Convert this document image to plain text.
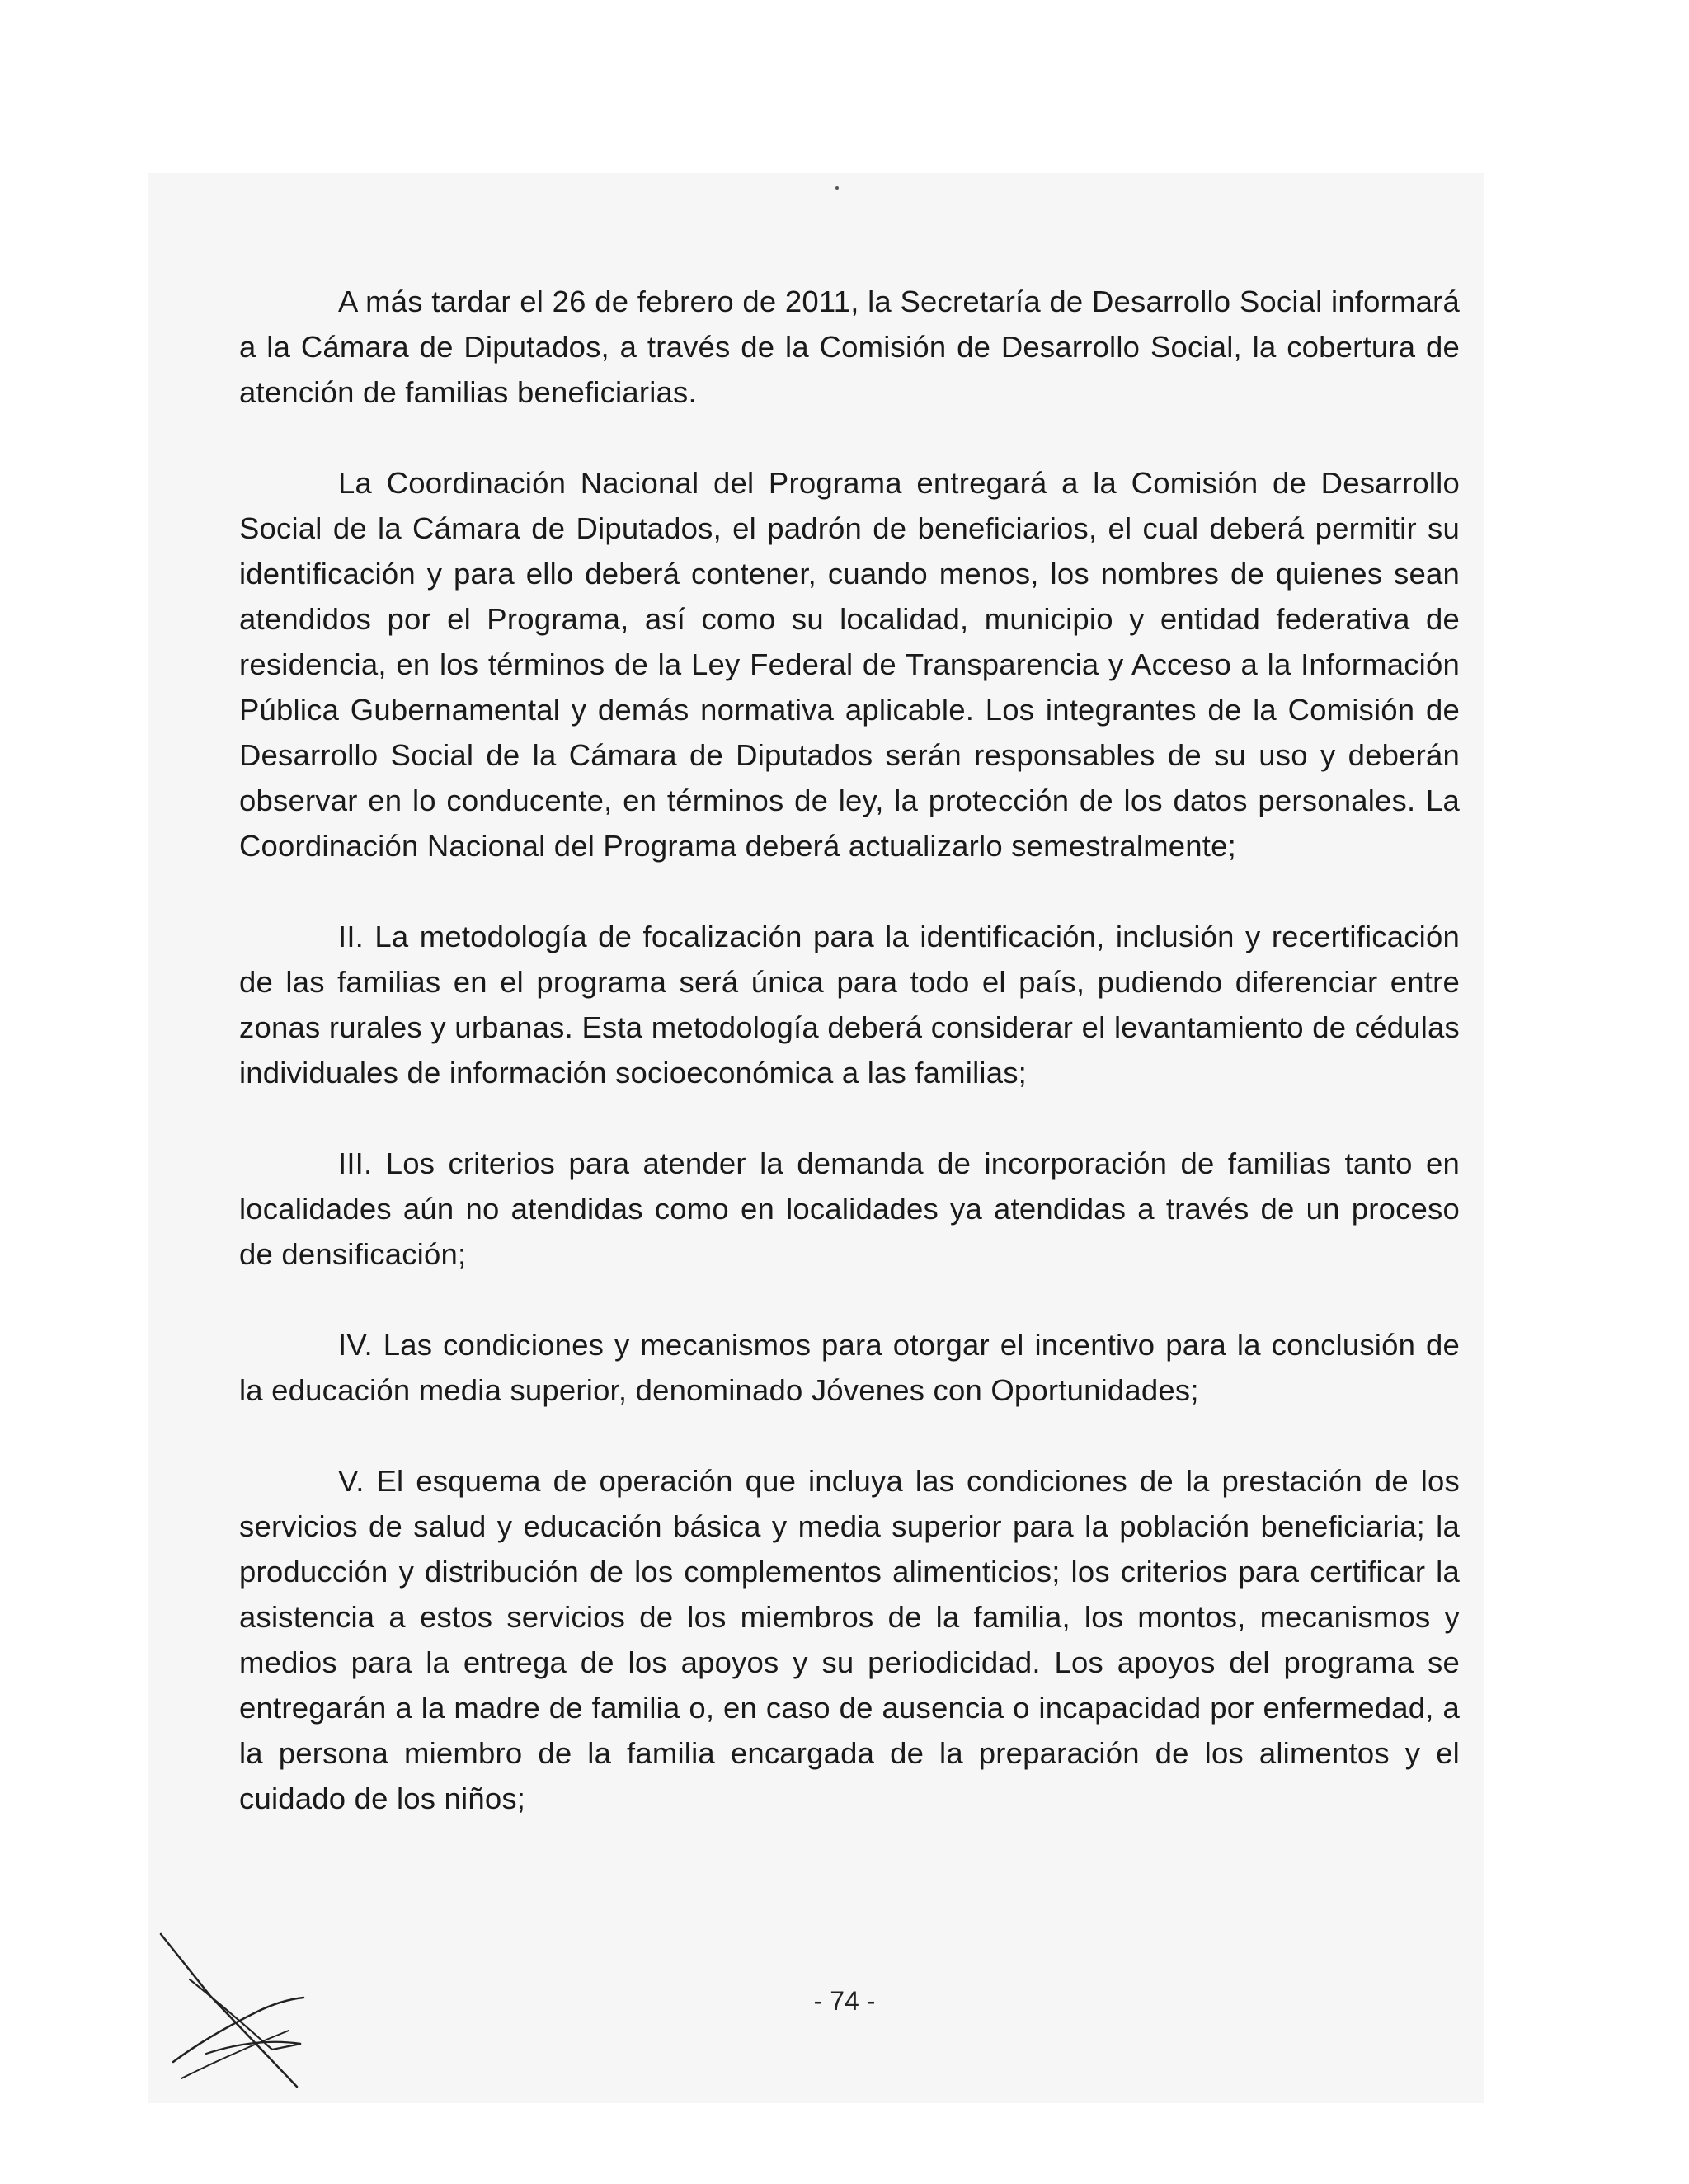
A más tardar el 26 de febrero de 2011, la Secretaría de Desarrollo Social informará a la Cámara de Diputados, a través de la Comisión de Desarrollo Social, la cobertura de atención de familias beneficiarias.

La Coordinación Nacional del Programa entregará a la Comisión de Desarrollo Social de la Cámara de Diputados, el padrón de beneficiarios, el cual deberá permitir su identificación y para ello deberá contener, cuando menos, los nombres de quienes sean atendidos por el Programa, así como su localidad, municipio y entidad federativa de residencia, en los términos de la Ley Federal de Transparencia y Acceso a la Información Pública Gubernamental y demás normativa aplicable. Los integrantes de la Comisión de Desarrollo Social de la Cámara de Diputados serán responsables de su uso y deberán observar en lo conducente, en términos de ley, la protección de los datos personales. La Coordinación Nacional del Programa deberá actualizarlo semestralmente;

II. La metodología de focalización para la identificación, inclusión y recertificación de las familias en el programa será única para todo el país, pudiendo diferenciar entre zonas rurales y urbanas. Esta metodología deberá considerar el levantamiento de cédulas individuales de información socioeconómica a las familias;

III. Los criterios para atender la demanda de incorporación de familias tanto en localidades aún no atendidas como en localidades ya atendidas a través de un proceso de densificación;

IV. Las condiciones y mecanismos para otorgar el incentivo para la conclusión de la educación media superior, denominado Jóvenes con Oportunidades;

V. El esquema de operación que incluya las condiciones de la prestación de los servicios de salud y educación básica y media superior para la población beneficiaria; la producción y distribución de los complementos alimenticios; los criterios para certificar la asistencia a estos servicios de los miembros de la familia, los montos, mecanismos y medios para la entrega de los apoyos y su periodicidad. Los apoyos del programa se entregarán a la madre de familia o, en caso de ausencia o incapacidad por enfermedad, a la persona miembro de la familia encargada de la preparación de los alimentos y el cuidado de los niños;

- 74 -
